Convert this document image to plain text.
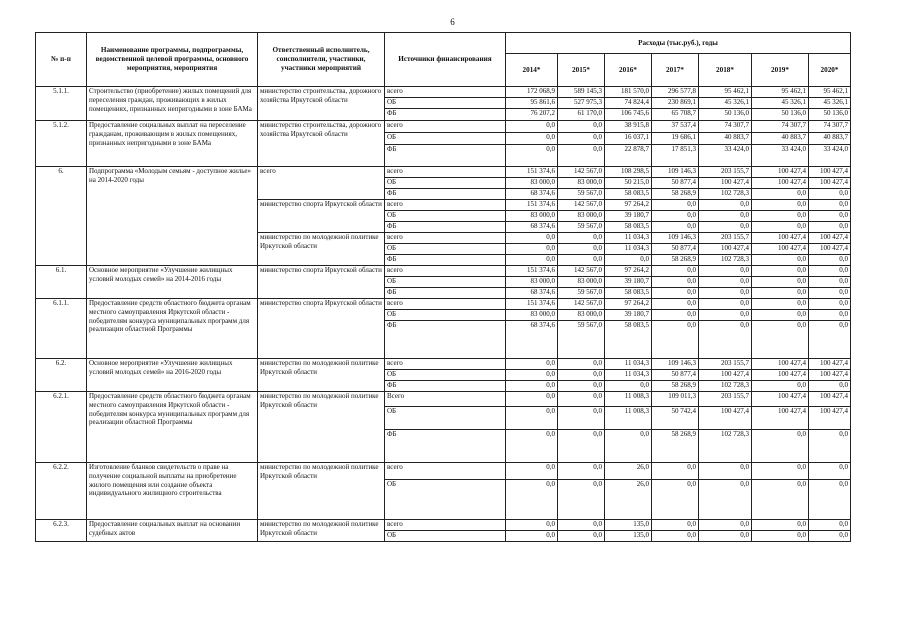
6
№ п-п	Наименование программы, подпрограммы, ведомственной целевой программы, основного мероприятия, мероприятия	Ответственный исполнитель, соисполнители, участники, участники мероприятий	Источники финансирования	Расходы (тыс.руб.), годы						
				2014*	2015*	2016*	2017*	2018*	2019*	2020*
5.1.1.	Строительство (приобретение) жилых помещений для переселения граждан, проживающих в жилых помещениях, признанных непригодными в зоне БАМа	министерство строительства, дорожного хозяйства Иркутской области	всего	172 068,9	589 145,3	181 570,0	296 577,8	95 462,1	95 462,1	95 462,1
			ОБ	95 861,6	527 975,3	74 824,4	230 869,1	45 326,1	45 326,1	45 326,1
			ФБ	76 207,2	61 170,0	106 745,6	65 708,7	50 136,0	50 136,0	50 136,0
5.1.2.	Предоставление социальных выплат на переселение гражданам, проживающим в жилых помещениях, признанных непригодными в зоне БАМа	министерство строительства, дорожного хозяйства Иркутской области	всего	0,0	0,0	38 915,8	37 537,4	74 307,7	74 307,7	74 307,7
			ОБ	0,0	0,0	16 037,1	19 686,1	40 883,7	40 883,7	40 883,7
			ФБ	0,0	0,0	22 878,7	17 851,3	33 424,0	33 424,0	33 424,0
6.	Подпрограмма «Молодым семьям - доступное жилье» на 2014-2020 годы	всего	всего	151 374,6	142 567,0	108 298,5	109 146,3	203 155,7	100 427,4	100 427,4
			ОБ	83 000,0	83 000,0	50 215,0	50 877,4	100 427,4	100 427,4	100 427,4
			ФБ	68 374,6	59 567,0	58 083,5	58 268,9	102 728,3	0,0	0,0
		министерство спорта Иркутской области	всего	151 374,6	142 567,0	97 264,2	0,0	0,0	0,0	0,0
			ОБ	83 000,0	83 000,0	39 180,7	0,0	0,0	0,0	0,0
			ФБ	68 374,6	59 567,0	58 083,5	0,0	0,0	0,0	0,0
		министерство по молодежной политике Иркутской области	всего	0,0	0,0	11 034,3	109 146,3	203 155,7	100 427,4	100 427,4
			ОБ	0,0	0,0	11 034,3	50 877,4	100 427,4	100 427,4	100 427,4
			ФБ	0,0	0,0	0,0	58 268,9	102 728,3	0,0	0,0
6.1.	Основное мероприятие «Улучшение жилищных условий молодых семей» на 2014-2016 годы	министерство спорта Иркутской области	всего	151 374,6	142 567,0	97 264,2	0,0	0,0	0,0	0,0
			ОБ	83 000,0	83 000,0	39 180,7	0,0	0,0	0,0	0,0
			ФБ	68 374,6	59 567,0	58 083,5	0,0	0,0	0,0	0,0
6.1.1.	Предоставление средств областного бюджета органам местного самоуправления Иркутской области - победителям конкурса муниципальных программ для реализации областной Программы	министерство спорта Иркутской области	всего	151 374,6	142 567,0	97 264,2	0,0	0,0	0,0	0,0
			ОБ	83 000,0	83 000,0	39 180,7	0,0	0,0	0,0	0,0
			ФБ	68 374,6	59 567,0	58 083,5	0,0	0,0	0,0	0,0
6.2.	Основное мероприятие «Улучшение жилищных условий молодых семей» на 2016-2020 годы	министерство по молодежной политике Иркутской области	всего	0,0	0,0	11 034,3	109 146,3	203 155,7	100 427,4	100 427,4
			ОБ	0,0	0,0	11 034,3	50 877,4	100 427,4	100 427,4	100 427,4
			ФБ	0,0	0,0	0,0	58 268,9	102 728,3	0,0	0,0
6.2.1.	Предоставление средств областного бюджета органам местного самоуправления Иркутской области - победителям конкурса муниципальных программ для реализации областной Программы	министерство по молодежной политике Иркутской области	Всего	0,0	0,0	11 008,3	109 011,3	203 155,7	100 427,4	100 427,4
			ОБ	0,0	0,0	11 008,3	50 742,4	100 427,4	100 427,4	100 427,4
			ФБ	0,0	0,0	0,0	58 268,9	102 728,3	0,0	0,0
6.2.2.	Изготовление бланков свидетельств о праве на получение социальной выплаты на приобретение жилого помещения или создание объекта индивидуального жилищного строительства	министерство по молодежной политике Иркутской области	всего	0,0	0,0	26,0	0,0	0,0	0,0	0,0
			ОБ	0,0	0,0	26,0	0,0	0,0	0,0	0,0
6.2.3.	Предоставление социальных выплат на основании судебных актов	министерство по молодежной политике Иркутской области	всего	0,0	0,0	135,0	0,0	0,0	0,0	0,0
			ОБ	0,0	0,0	135,0	0,0	0,0	0,0	0,0
